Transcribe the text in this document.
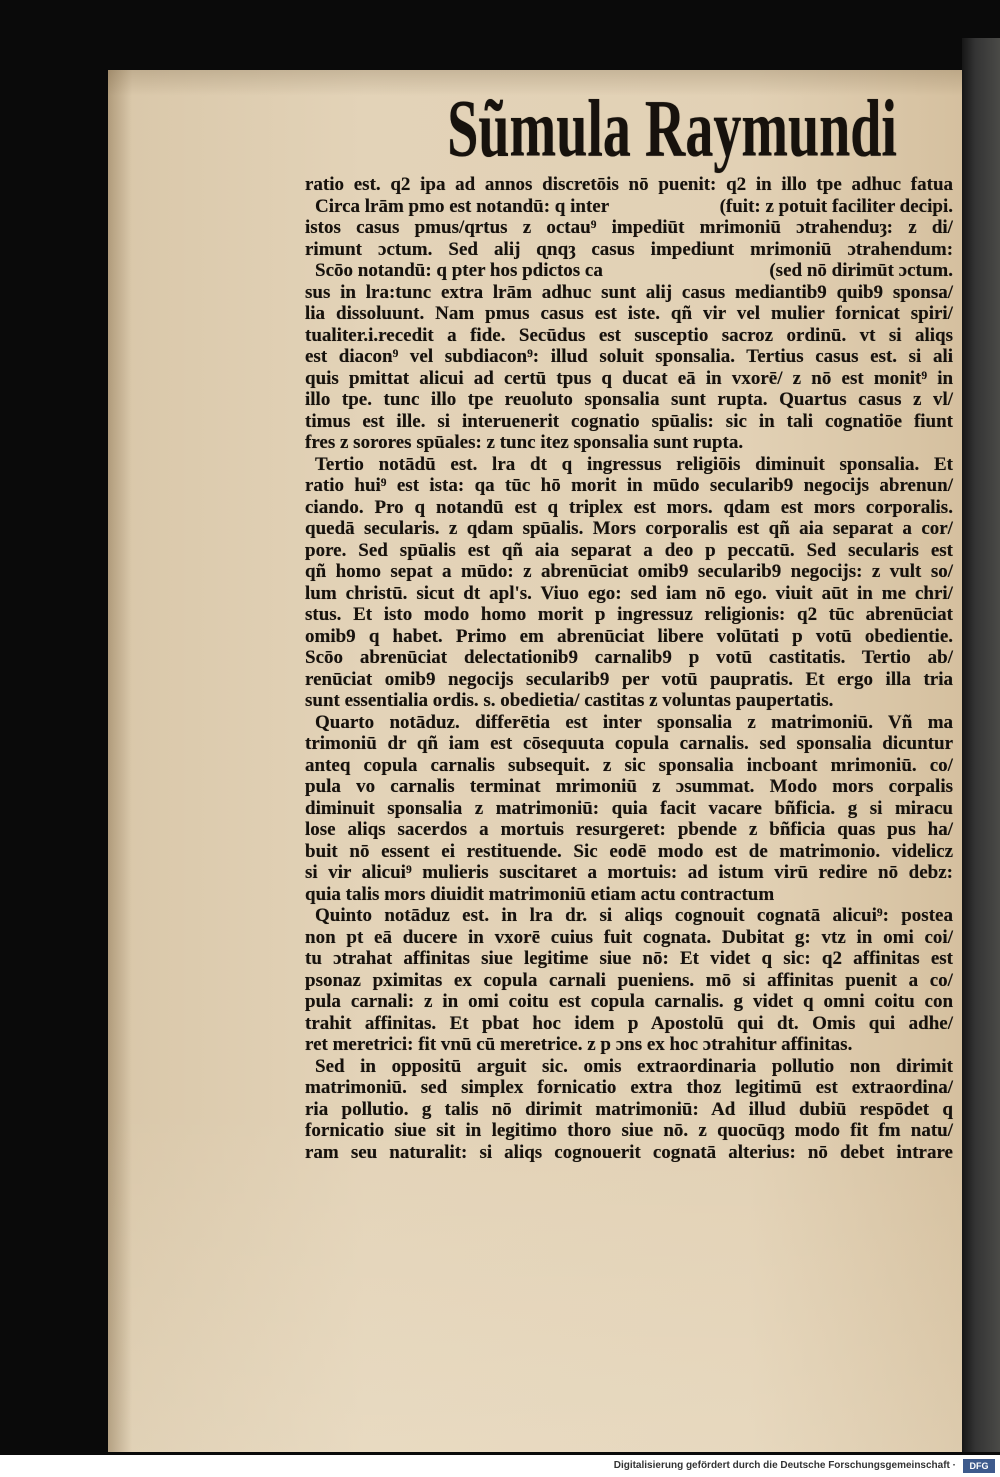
Sũmula Raymundi
ratio est. q2 ipa ad annos discretōis nō puenit: q2 in illo tpe adhuc fatua
Circa lrām pmo est notandū: q inter	(fuit: z potuit faciliter decipi.
istos casus pmus/qrtus z octau⁹ impediūt mrimoniū ɔtrahenduȝ: z di/
rimunt ɔctum. Sed alij ɋnqȝ casus impediunt mrimoniū ɔtrahendum:
Scōo notandū: q pter hos pdictos ca	(sed nō dirimūt ɔctum.
sus in lra:tunc extra lrām adhuc sunt alij casus mediantib9 quib9 sponsa/
lia dissoluunt. Nam pmus casus est iste. qñ vir vel mulier fornicat spiri/
tualiter.i.recedit a fide. Secūdus est susceptio sacroz ordinū. vt si aliqs
est diacon⁹ vel subdiacon⁹: illud soluit sponsalia. Tertius casus est. si ali
quis pmittat alicui ad certū tpus q ducat eā in vxorē/ z nō est monit⁹ in
illo tpe. tunc illo tpe reuoluto sponsalia sunt rupta. Quartus casus z vl/
timus est ille. si interuenerit cognatio spūalis: sic in tali cognatiōe fiunt
fres z sorores spūales: z tunc itez sponsalia sunt rupta.
Tertio notādū est. lra dt q ingressus religiōis diminuit sponsalia. Et
ratio hui⁹ est ista: qa tūc hō morit in mūdo secularib9 negocijs abrenun/
ciando. Pro q notandū est q triplex est mors. qdam est mors corporalis.
quedā secularis. z qdam spūalis. Mors corporalis est qñ aia separat a cor/
pore. Sed spūalis est qñ aia separat a deo p peccatū. Sed secularis est
qñ homo sepat a mūdo: z abrenūciat omib9 secularib9 negocijs: z vult so/
lum christū. sicut dt apl's. Viuo ego: sed iam nō ego. viuit aūt in me chri/
stus. Et isto modo homo morit p ingressuz religionis: q2 tūc abrenūciat
omib9 q habet. Primo em abrenūciat libere volūtati p votū obedientie.
Scōo abrenūciat delectationib9 carnalib9 p votū castitatis. Tertio ab/
renūciat omib9 negocijs secularib9 per votū paupratis. Et ergo illa tria
sunt essentialia ordis. s. obedietia/ castitas z voluntas paupertatis.
Quarto notāduz. differētia est inter sponsalia z matrimoniū. Vñ ma
trimoniū dr qñ iam est cōsequuta copula carnalis. sed sponsalia dicuntur
anteq copula carnalis subsequit. z sic sponsalia incboant mrimoniū. co/
pula vo carnalis terminat mrimoniū z ɔsummat. Modo mors corpalis
diminuit sponsalia z matrimoniū: quia facit vacare bñficia. g si miracu
lose aliqs sacerdos a mortuis resurgeret: pbende z bñficia quas pus ha/
buit nō essent ei restituende. Sic eodē modo est de matrimonio. videlicz
si vir alicui⁹ mulieris suscitaret a mortuis: ad istum virū redire nō debz:
quia talis mors diuidit matrimoniū etiam actu contractum
Quinto notāduz est. in lra dr. si aliqs cognouit cognatā alicui⁹: postea
non pt eā ducere in vxorē cuius fuit cognata. Dubitat g: vtz in omi coi/
tu ɔtrahat affinitas siue legitime siue nō: Et videt q sic: q2 affinitas est
psonaz pximitas ex copula carnali pueniens. mō si affinitas puenit a co/
pula carnali: z in omi coitu est copula carnalis. g videt q omni coitu con
trahit affinitas. Et pbat hoc idem p Apostolū qui dt. Omis qui adhe/
ret meretrici: fit vnū cū meretrice. z p ɔns ex hoc ɔtrahitur affinitas.
Sed in oppositū arguit sic. omis extraordinaria pollutio non dirimit
matrimoniū. sed simplex fornicatio extra thoz legitimū est extraordina/
ria pollutio. g talis nō dirimit matrimoniū: Ad illud dubiū respōdet q
fornicatio siue sit in legitimo thoro siue nō. z quocūqȝ modo fit fm natu/
ram seu naturalit: si aliqs cognouerit cognatā alterius: nō debet intrare
Digitalisierung gefördert durch die Deutsche Forschungsgemeinschaft ·	DFG
